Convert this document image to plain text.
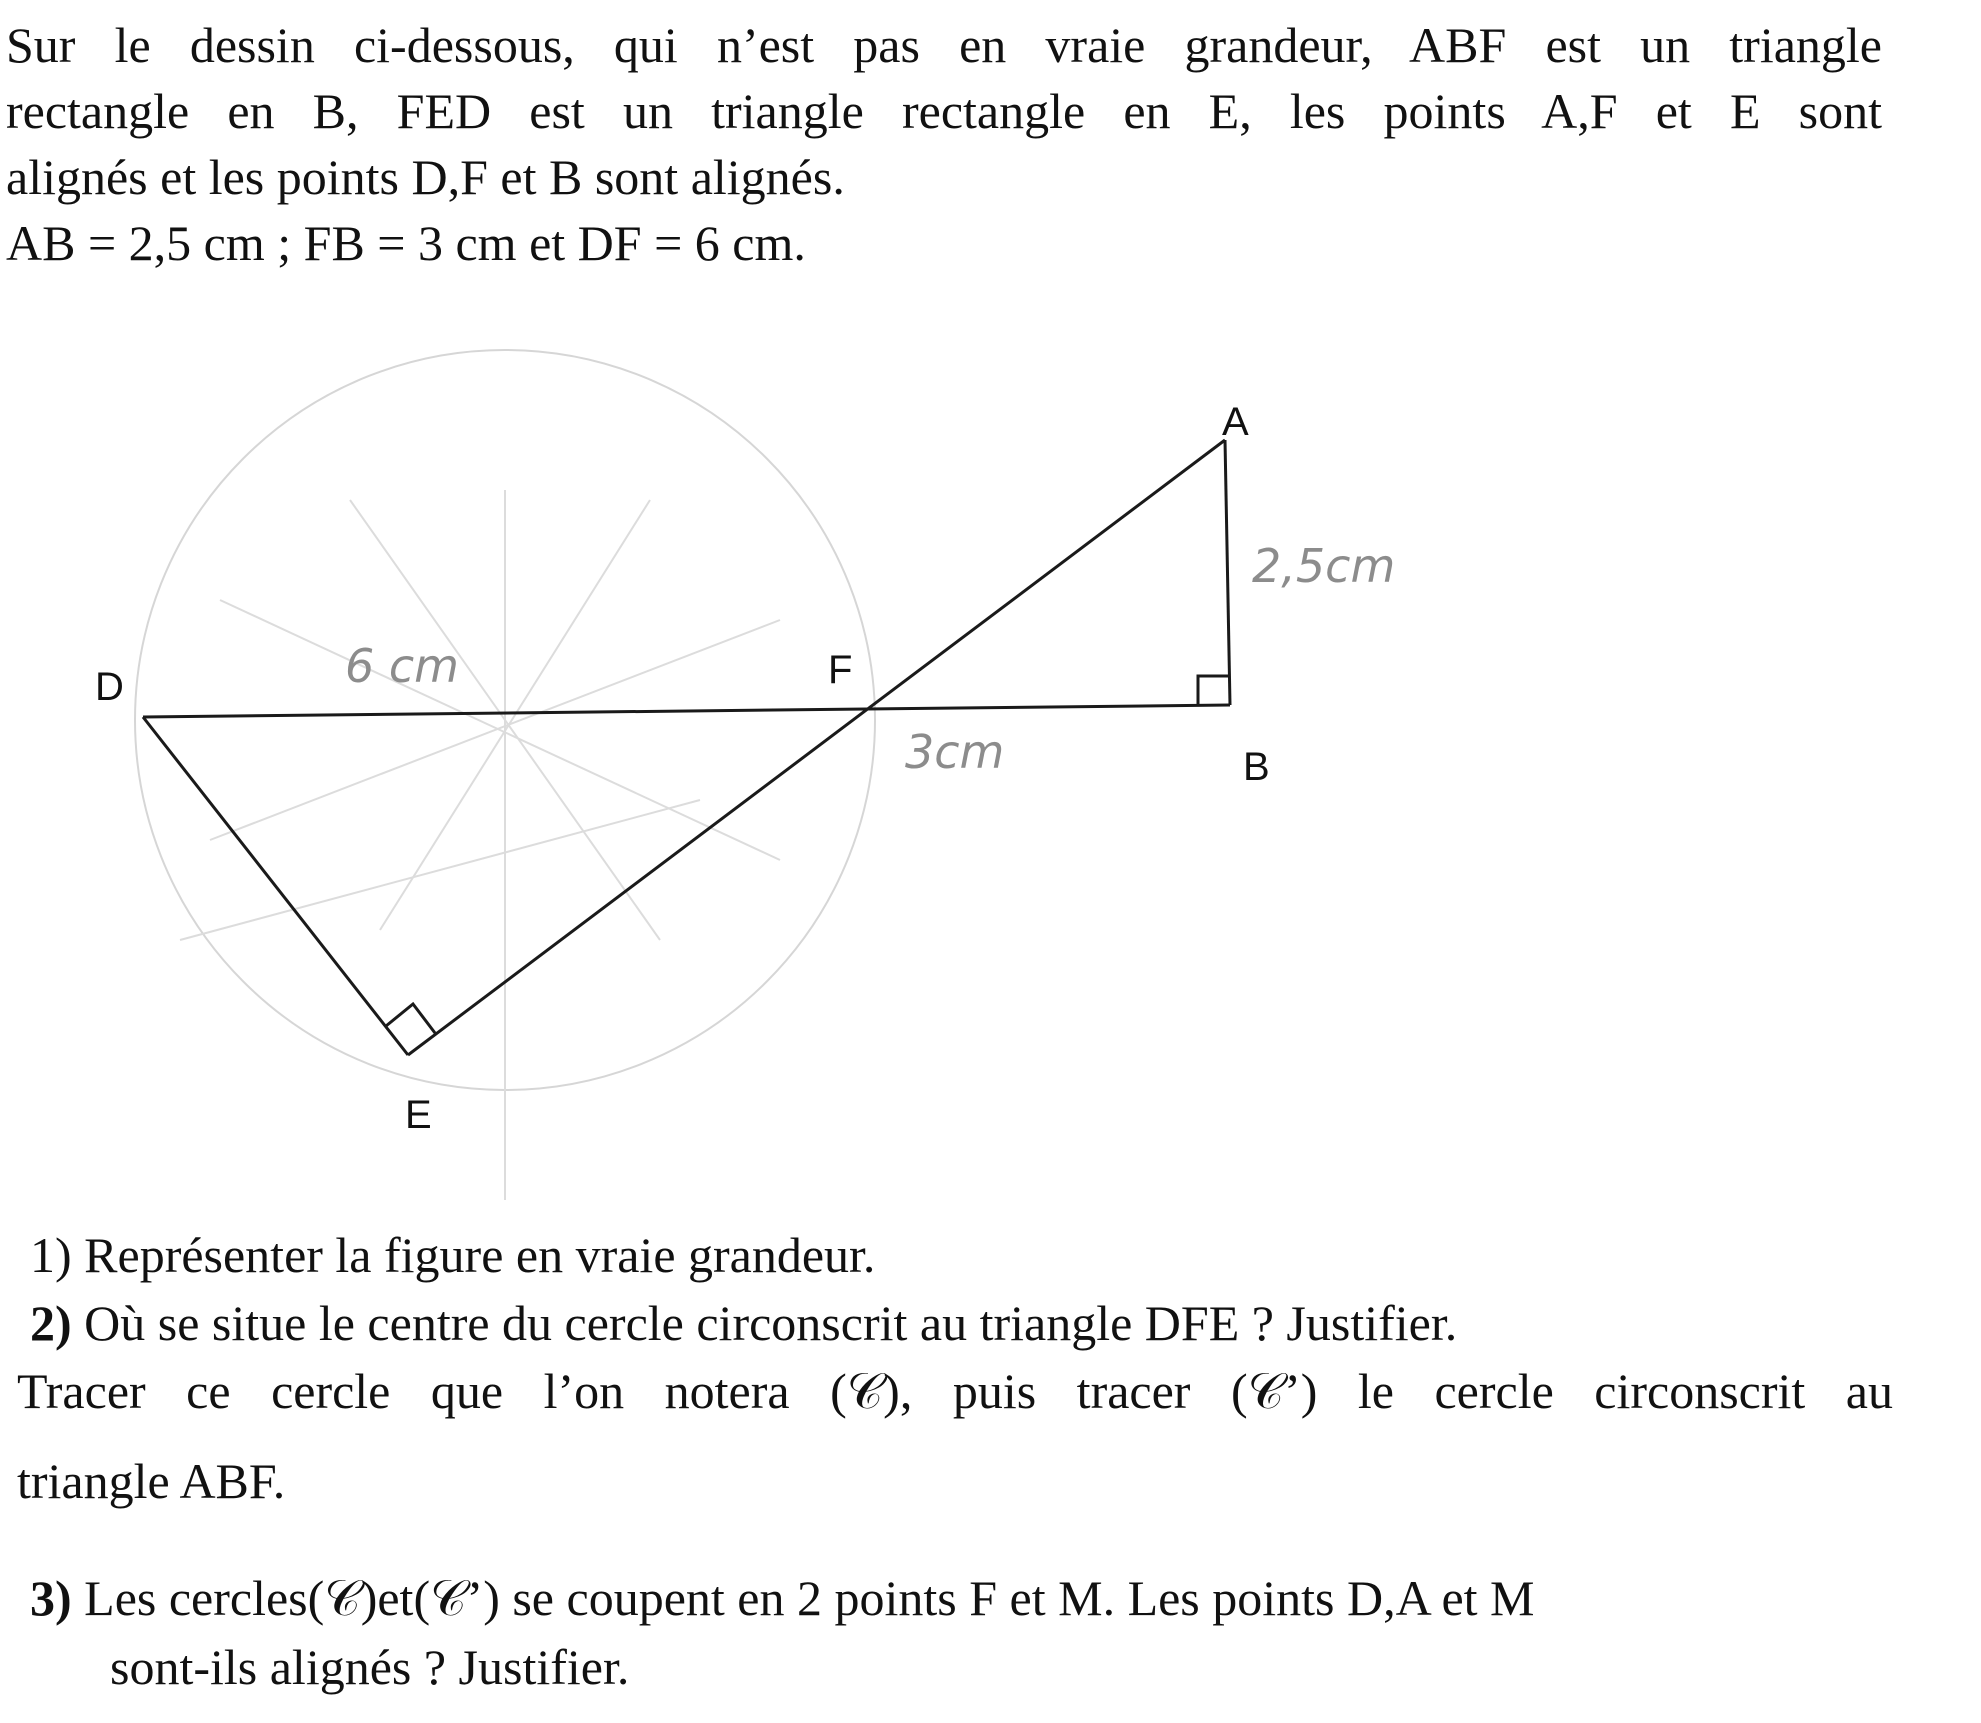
Sur le dessin ci-dessous, qui n’est pas en vraie grandeur, ABF est un triangle
rectangle en B, FED est un triangle rectangle en E, les points A,F et E sont
alignés et les points D,F et B sont alignés.
AB = 2,5 cm ; FB = 3 cm et DF = 6 cm.
A
B
D
E
F
2,5cm
3cm
6 cm

1) Représenter la figure en vraie grandeur.

2) Où se situe le centre du cercle circonscrit au triangle DFE ? Justifier.

Tracer ce cercle que l’on notera (𝒞), puis tracer (𝒞’) le cercle circonscrit au

triangle ABF.

3) Les cercles(𝒞)et(𝒞’) se coupent en 2 points F et M. Les points D,A et M

sont-ils alignés ? Justifier.
